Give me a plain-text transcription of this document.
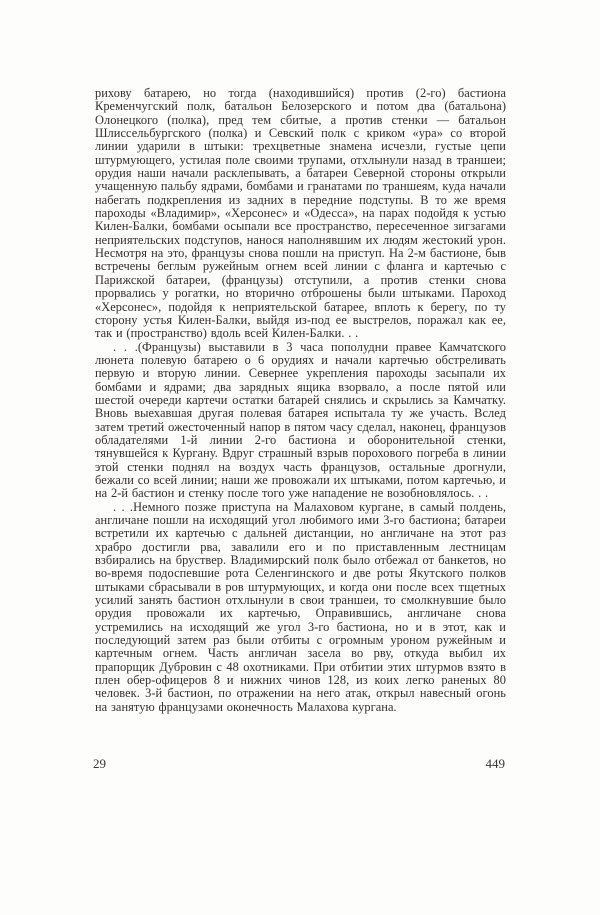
рихову батарею, но тогда (находившийся) против (2-го) бастиона Кременчугский полк, батальон Белозерского и потом два (батальона) Олонецкого (полка), пред тем сбитые, а против стенки — батальон Шлиссельбургского (полка) и Севский полк с криком «ура» со второй линии ударили в штыки: трехцветные знамена исчезли, густые цепи штурмующего, устилая поле своими трупами, отхлынули назад в траншеи; орудия наши начали расклепывать, а батареи Северной стороны открыли учащенную пальбу ядрами, бомбами и гранатами по траншеям, куда начали набегать подкрепления из задних в передние подступы. В то же время пароходы «Владимир», «Херсонес» и «Одесса», на парах подойдя к устью Килен-Балки, бомбами осыпали все пространство, пересеченное зигзагами неприятельских подступов, нанося наполнявшим их людям жестокий урон. Несмотря на это, французы снова пошли на приступ. На 2-м бастионе, быв встречены беглым ружейным огнем всей линии с фланга и картечью с Парижской батареи, (французы) отступили, а против стенки снова прорвались у рогатки, но вторично отброшены были штыками. Пароход «Херсонес», подойдя к неприятельской батарее, вплоть к берегу, по ту сторону устья Килен-Балки, выйдя из-под ее выстрелов, поражал как ее, так и (пространство) вдоль всей Килен-Балки. . .

. . .(Французы) выставили в 3 часа пополудни правее Камчатского люнета полевую батарею о 6 орудиях и начали картечью обстреливать первую и вторую линии. Севернее укрепления пароходы засыпали их бомбами и ядрами; два зарядных ящика взорвало, а после пятой или шестой очереди картечи остатки батарей снялись и скрылись за Камчатку. Вновь выехавшая другая полевая батарея испытала ту же участь. Вслед затем третий ожесточенный напор в пятом часу сделал, наконец, французов обладателями 1-й линии 2-го бастиона и оборонительной стенки, тянувшейся к Кургану. Вдруг страшный взрыв порохового погреба в линии этой стенки поднял на воздух часть французов, остальные дрогнули, бежали со всей линии; наши же провожали их штыками, потом картечью, и на 2-й бастион и стенку после того уже нападение не возобновлялось. . .

. . .Немного позже приступа на Малаховом кургане, в самый полдень, англичане пошли на исходящий угол любимого ими 3-го бастиона; батареи встретили их картечью с дальней дистанции, но англичане на этот раз храбро достигли рва, завалили его и по приставленным лестницам взбирались на бруствер. Владимирский полк было отбежал от банкетов, но во-время подоспевшие рота Селенгинского и две роты Якутского полков штыками сбрасывали в ров штурмующих, и когда они после всех тщетных усилий занять бастион отхлынули в свои траншеи, то смолкнувшие было орудия провожали их картечью, Оправившись, англичане снова устремились на исходящий же угол 3-го бастиона, но и в этот, как и последующий затем раз были отбиты с огромным уроном ружейным и картечным огнем. Часть англичан засела во рву, откуда выбил их прапорщик Дубровин с 48 охотниками. При отбитии этих штурмов взято в плен обер-офицеров 8 и нижних чинов 128, из коих легко раненых 80 человек. 3-й бастион, по отражении на него атак, открыл навесный огонь на занятую французами оконечность Малахова кургана.

29	449
